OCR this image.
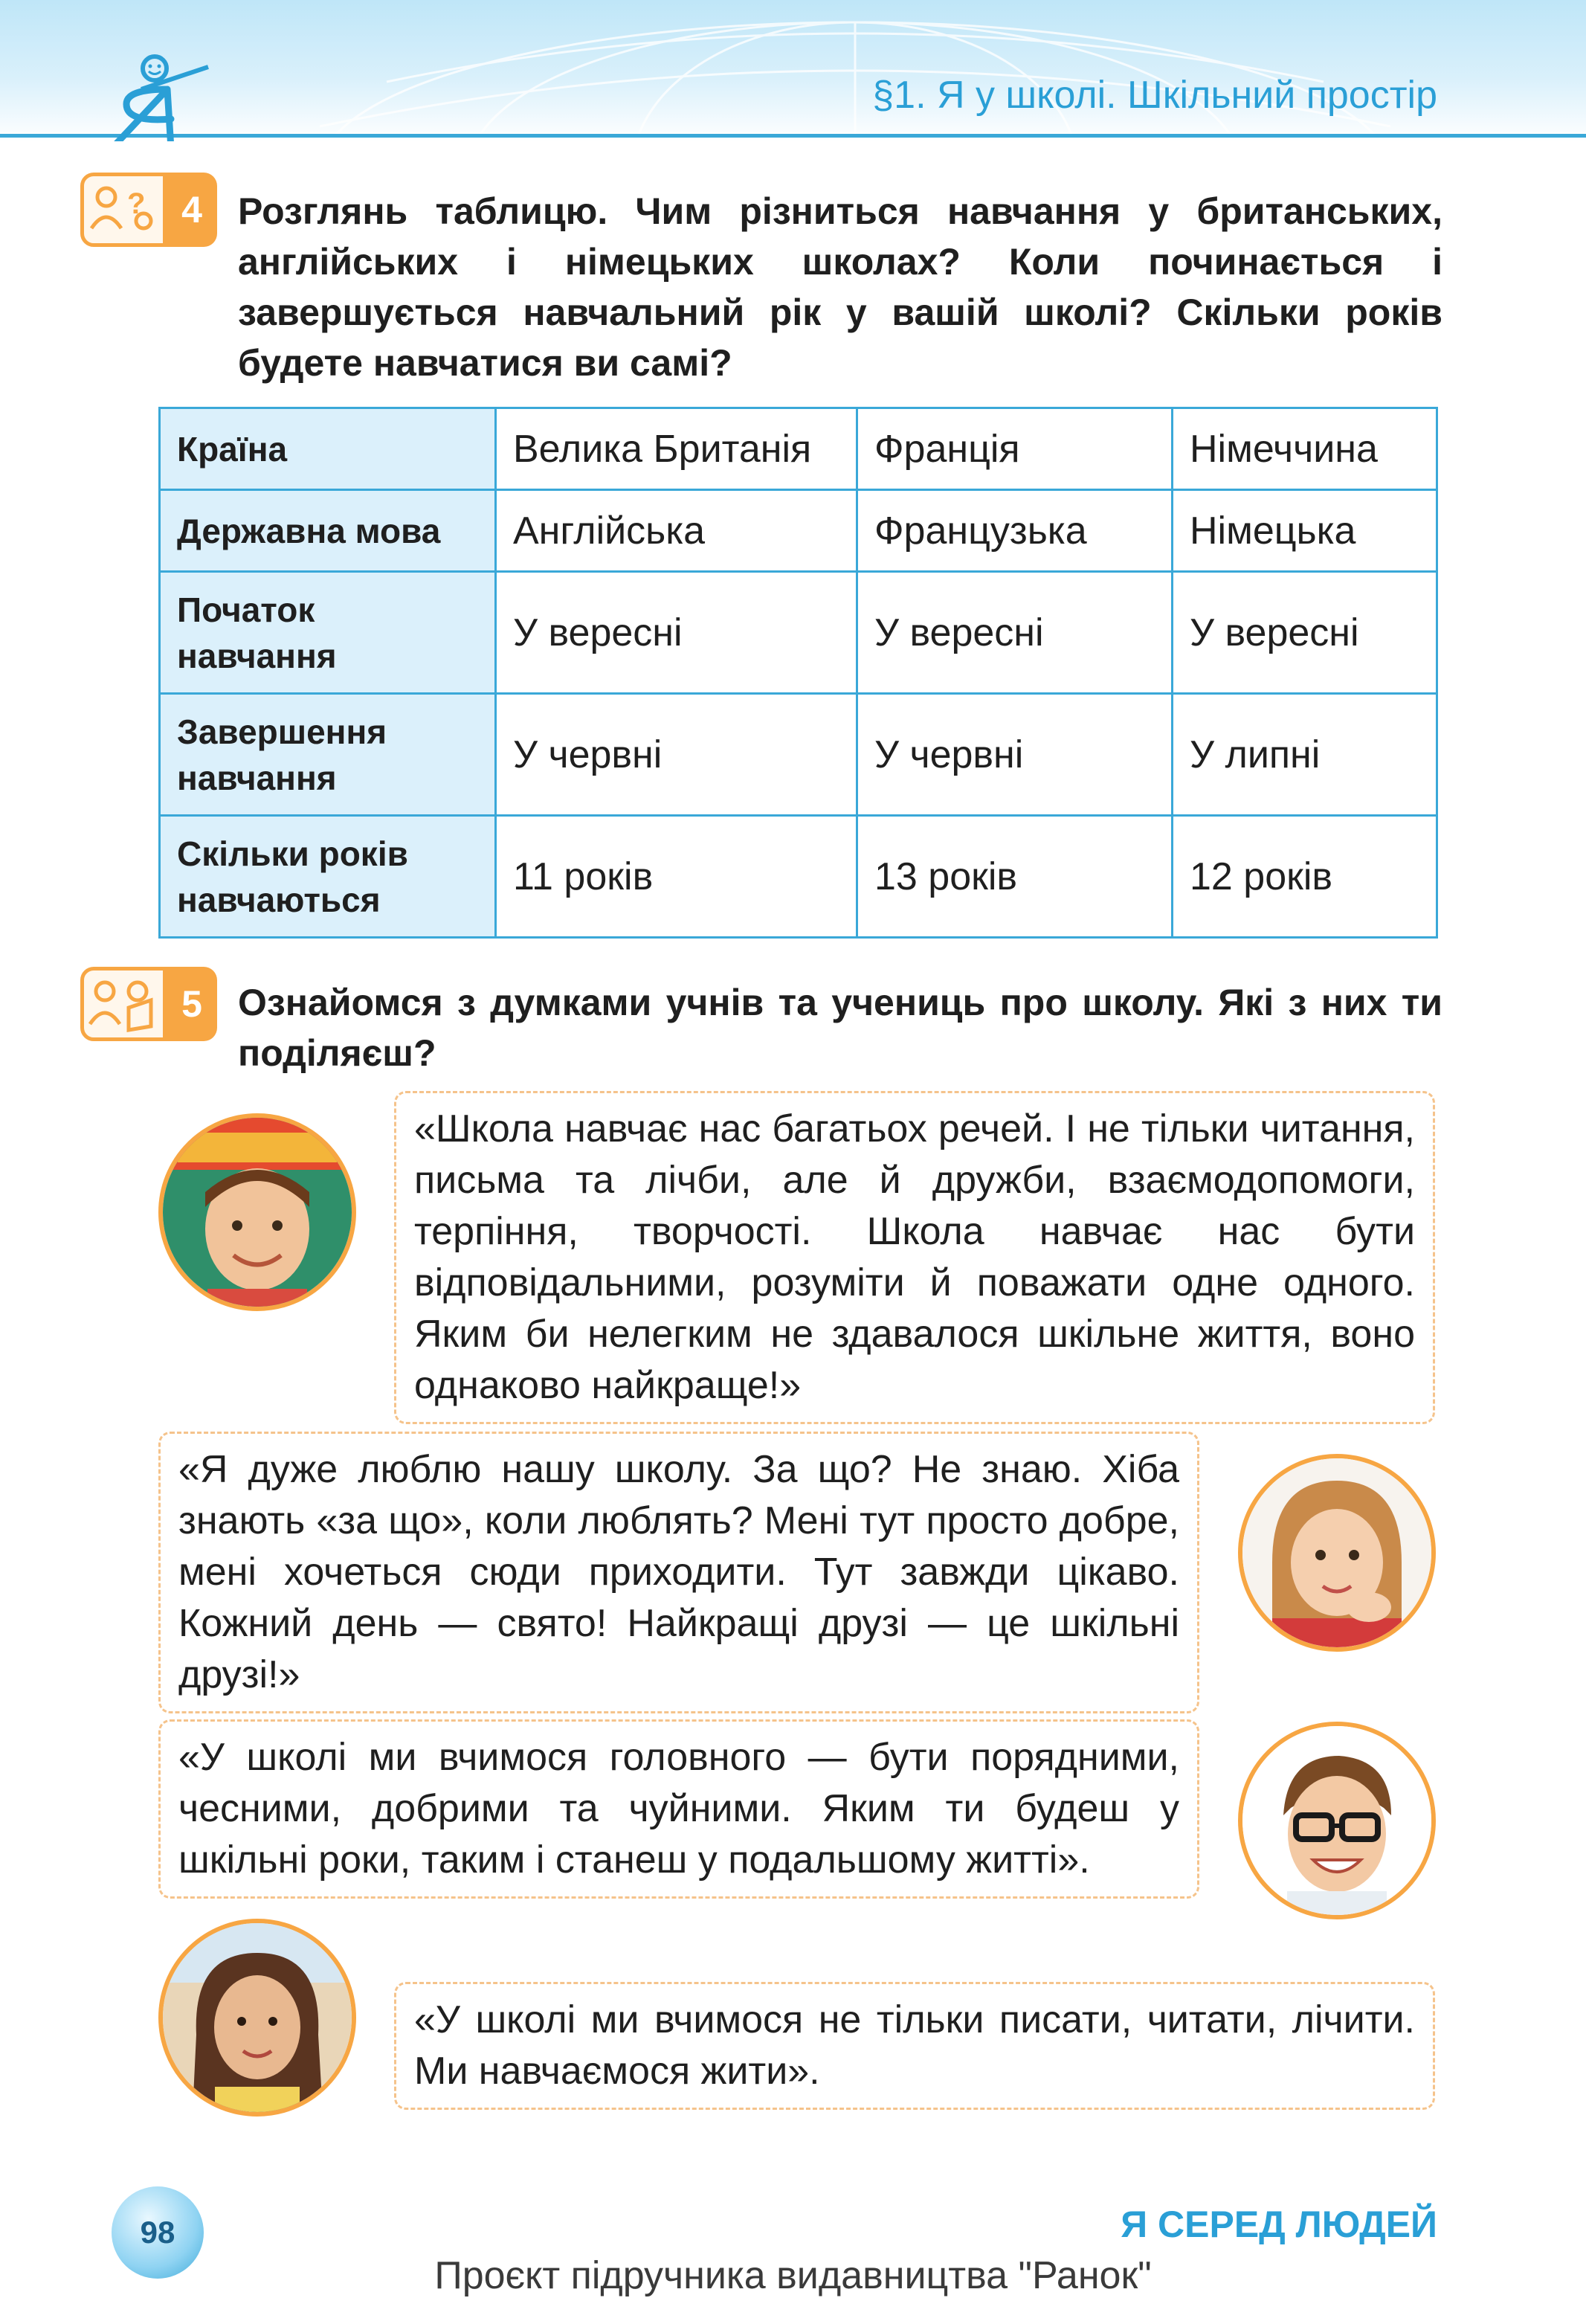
§1. Я у школі. Шкільний простір
? 4 Розглянь таблицю. Чим різниться навчання у британських, англійських і німецьких школах? Коли починається і завершується навчальний рік у вашій школі? Скільки років будете навчатися ви самі?
Країна	Велика Британія	Франція	Німеччина
Державна мова	Англійська	Французька	Німецька
Початок навчання	У вересні	У вересні	У вересні
Завершення навчання	У червні	У червні	У липні
Скільки років навчаються	11 років	13 років	12 років
5 Ознайомся з думками учнів та учениць про школу. Які з них ти поділяєш?
«Школа навчає нас багатьох речей. І не тільки читання, письма та лічби, але й дружби, взаємодопомоги, терпіння, творчості. Школа навчає нас бути відповідальними, розуміти й поважати одне одного. Яким би нелегким не здавалося шкільне життя, воно однаково найкраще!»
«Я дуже люблю нашу школу. За що? Не знаю. Хіба знають «за що», коли люблять? Мені тут просто добре, мені хочеться сюди приходити. Тут завжди цікаво. Кожний день — свято! Найкращі друзі — це шкільні друзі!»
«У школі ми вчимося головного — бути порядними, чесними, добрими та чуйними. Яким ти будеш у шкільні роки, таким і станеш у подальшому житті».
«У школі ми вчимося не тільки писати, читати, лічити. Ми навчаємося жити».
98	Я СЕРЕД ЛЮДЕЙ
Проєкт підручника видавництва "Ранок"
